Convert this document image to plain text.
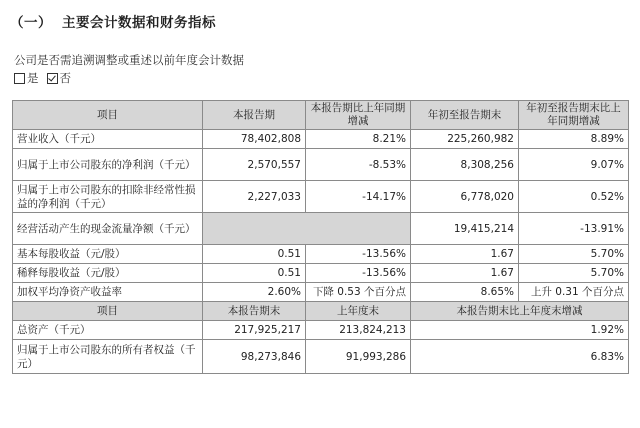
（一） 主要会计数据和财务指标
公司是否需追溯调整或重述以前年度会计数据
是 否
项目	本报告期	本报告期比上年同期增减	年初至报告期末	年初至报告期末比上年同期增减
营业收入（千元）	78,402,808	8.21%	225,260,982	8.89%
归属于上市公司股东的净利润（千元）	2,570,557	-8.53%	8,308,256	9.07%
归属于上市公司股东的扣除非经常性损益的净利润（千元）	2,227,033	-14.17%	6,778,020	0.52%
经营活动产生的现金流量净额（千元）			19,415,214	-13.91%
基本每股收益（元/股）	0.51	-13.56%	1.67	5.70%
稀释每股收益（元/股）	0.51	-13.56%	1.67	5.70%
加权平均净资产收益率	2.60%	下降 0.53 个百分点	8.65%	上升 0.31 个百分点
项目	本报告期末	上年度末	本报告期末比上年度末增减	
总资产（千元）	217,925,217	213,824,213	1.92%	
归属于上市公司股东的所有者权益（千元）	98,273,846	91,993,286	6.83%	
